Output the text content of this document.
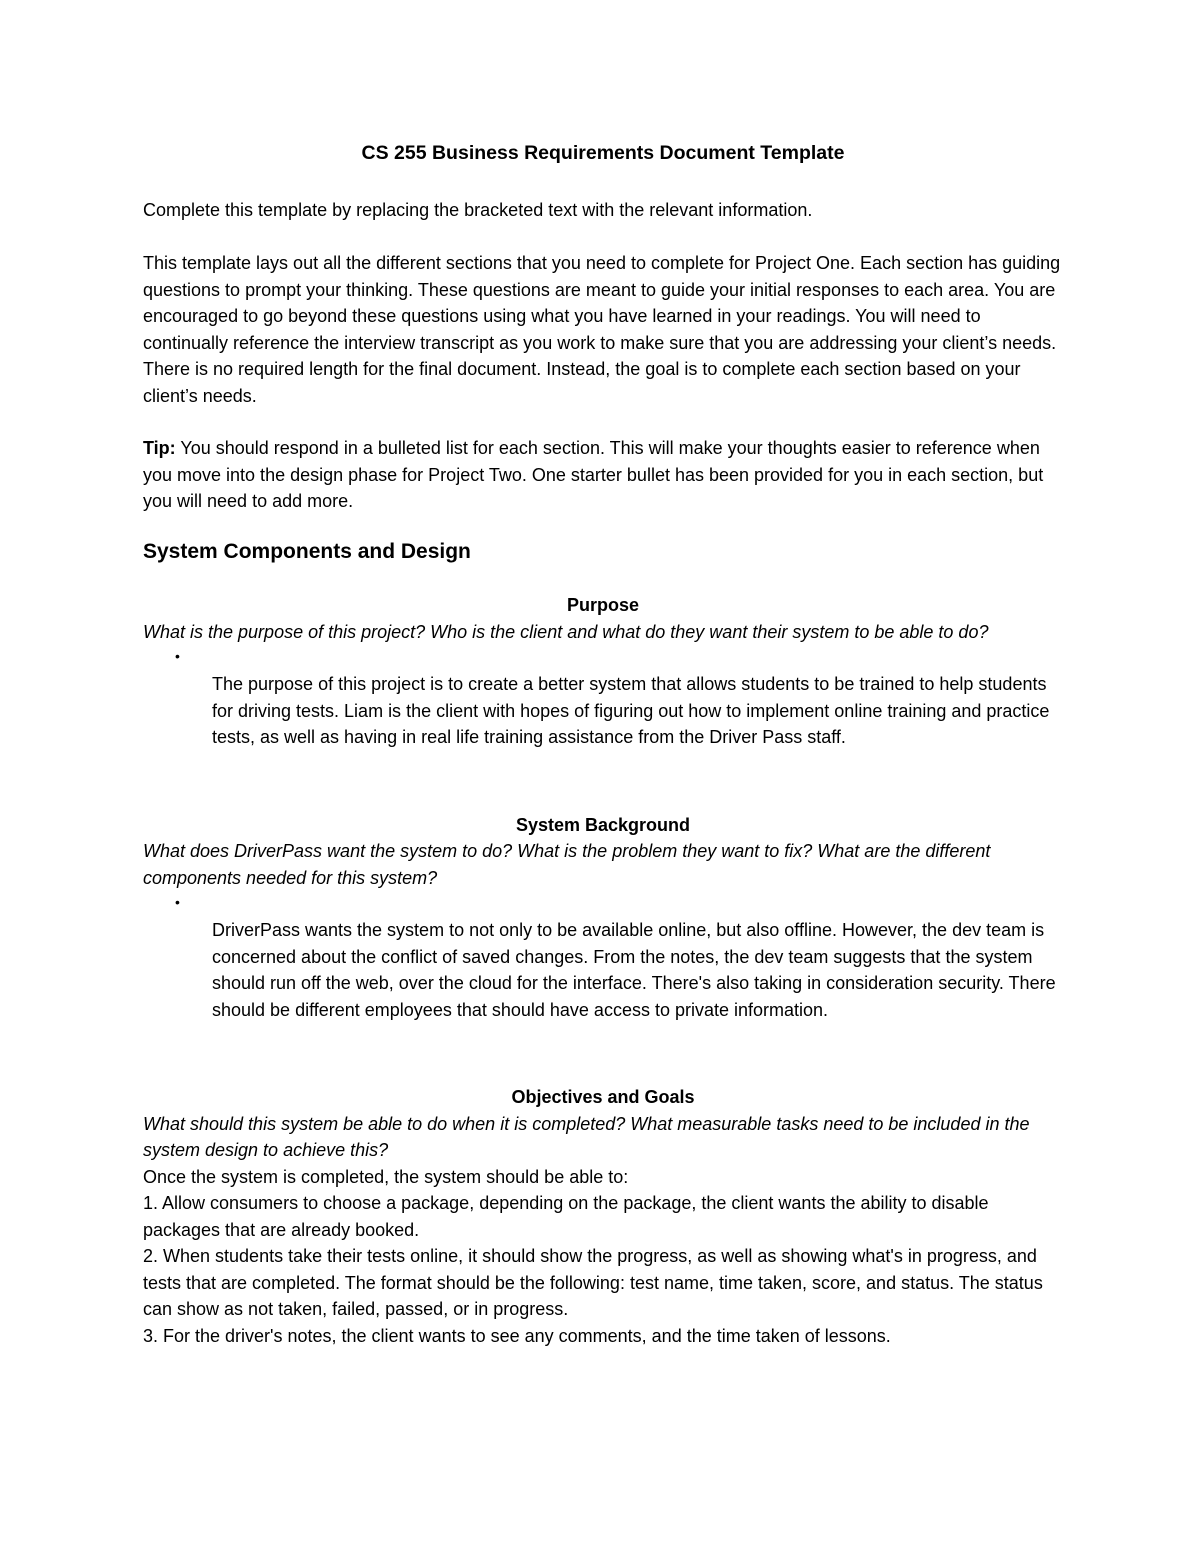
CS 255 Business Requirements Document Template

Complete this template by replacing the bracketed text with the relevant information.

This template lays out all the different sections that you need to complete for Project One. Each section has guiding questions to prompt your thinking. These questions are meant to guide your initial responses to each area. You are encouraged to go beyond these questions using what you have learned in your readings. You will need to continually reference the interview transcript as you work to make sure that you are addressing your client’s needs. There is no required length for the final document. Instead, the goal is to complete each section based on your client’s needs.

Tip: You should respond in a bulleted list for each section. This will make your thoughts easier to reference when you move into the design phase for Project Two. One starter bullet has been provided for you in each section, but you will need to add more.

System Components and Design
Purpose

What is the purpose of this project? Who is the client and what do they want their system to be able to do?

•
The purpose of this project is to create a better system that allows students to be trained to help students for driving tests. Liam is the client with hopes of figuring out how to implement online training and practice tests, as well as having in real life training assistance from the Driver Pass staff.
System Background

What does DriverPass want the system to do? What is the problem they want to fix? What are the different components needed for this system?

•
DriverPass wants the system to not only to be available online, but also offline. However, the dev team is concerned about the conflict of saved changes. From the notes, the dev team suggests that the system should run off the web, over the cloud for the interface. There's also taking in consideration security. There should be different employees that should have access to private information.
Objectives and Goals

What should this system be able to do when it is completed? What measurable tasks need to be included in the system design to achieve this?

Once the system is completed, the system should be able to:

1. Allow consumers to choose a package, depending on the package, the client wants the ability to disable packages that are already booked.

2. When students take their tests online, it should show the progress, as well as showing what's in progress, and tests that are completed. The format should be the following: test name, time taken, score, and status. The status can show as not taken, failed, passed, or in progress.

3. For the driver's notes, the client wants to see any comments, and the time taken of lessons.
